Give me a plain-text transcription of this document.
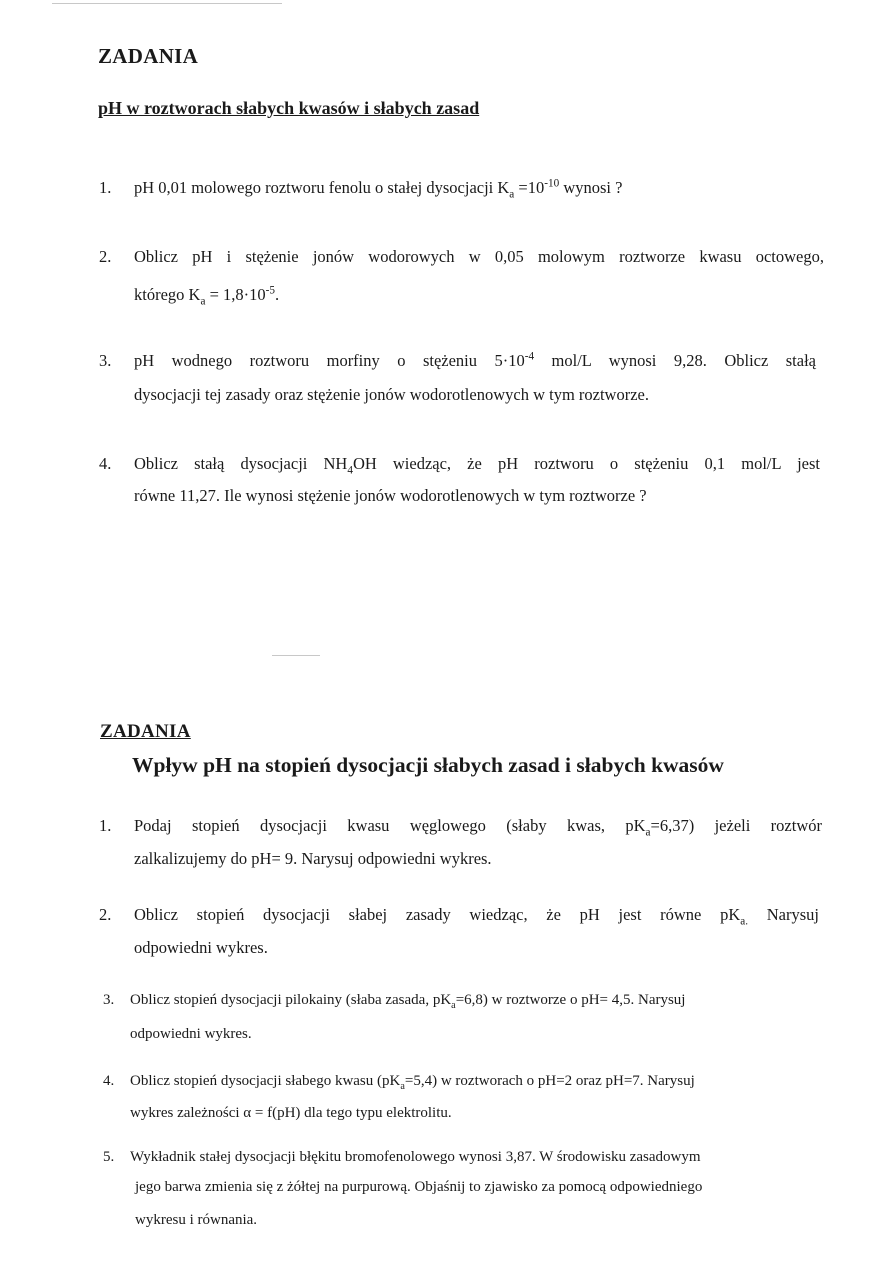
ZADANIA
pH w roztworach słabych kwasów i słabych zasad
1. pH 0,01 molowego roztworu fenolu o stałej dysocjacji $K_a =10^{-10}$ wynosi ?
2. Oblicz pH i stężenie jonów wodorowych w 0,05 molowym roztworze kwasu octowego,
którego $K_a = 1,8\cdot 10^{-5}$.
3. pH wodnego roztworu morfiny o stężeniu $5\cdot 10^{-4}$ mol/L wynosi 9,28. Oblicz stałą
dysocjacji tej zasady oraz stężenie jonów wodorotlenowych w tym roztworze.
4. Oblicz stałą dysocjacji $NH_4OH$ wiedząc, że pH roztworu o stężeniu 0,1 mol/L jest
równe 11,27. Ile wynosi stężenie jonów wodorotlenowych w tym roztworze ?
ZADANIA
Wpływ pH na stopień dysocjacji słabych zasad i słabych kwasów
1. Podaj stopień dysocjacji kwasu węglowego (słaby kwas, $pK_a=6,37$) jeżeli roztwór
zalkalizujemy do pH= 9. Narysuj odpowiedni wykres.
2. Oblicz stopień dysocjacji słabej zasady wiedząc, że pH jest równe $pK_{a.}$ Narysuj
odpowiedni wykres.
3. Oblicz stopień dysocjacji pilokainy (słaba zasada, $pK_a=6,8$) w roztworze o pH= 4,5. Narysuj
odpowiedni wykres.
4. Oblicz stopień dysocjacji słabego kwasu $(pK_a=5,4)$ w roztworach o pH=2 oraz pH=7. Narysuj
wykres zależności α = f(pH) dla tego typu elektrolitu.
5. Wykładnik stałej dysocjacji błękitu bromofenolowego wynosi 3,87. W środowisku zasadowym
jego barwa zmienia się z żółtej na purpurową. Objaśnij to zjawisko za pomocą odpowiedniego
wykresu i równania.
